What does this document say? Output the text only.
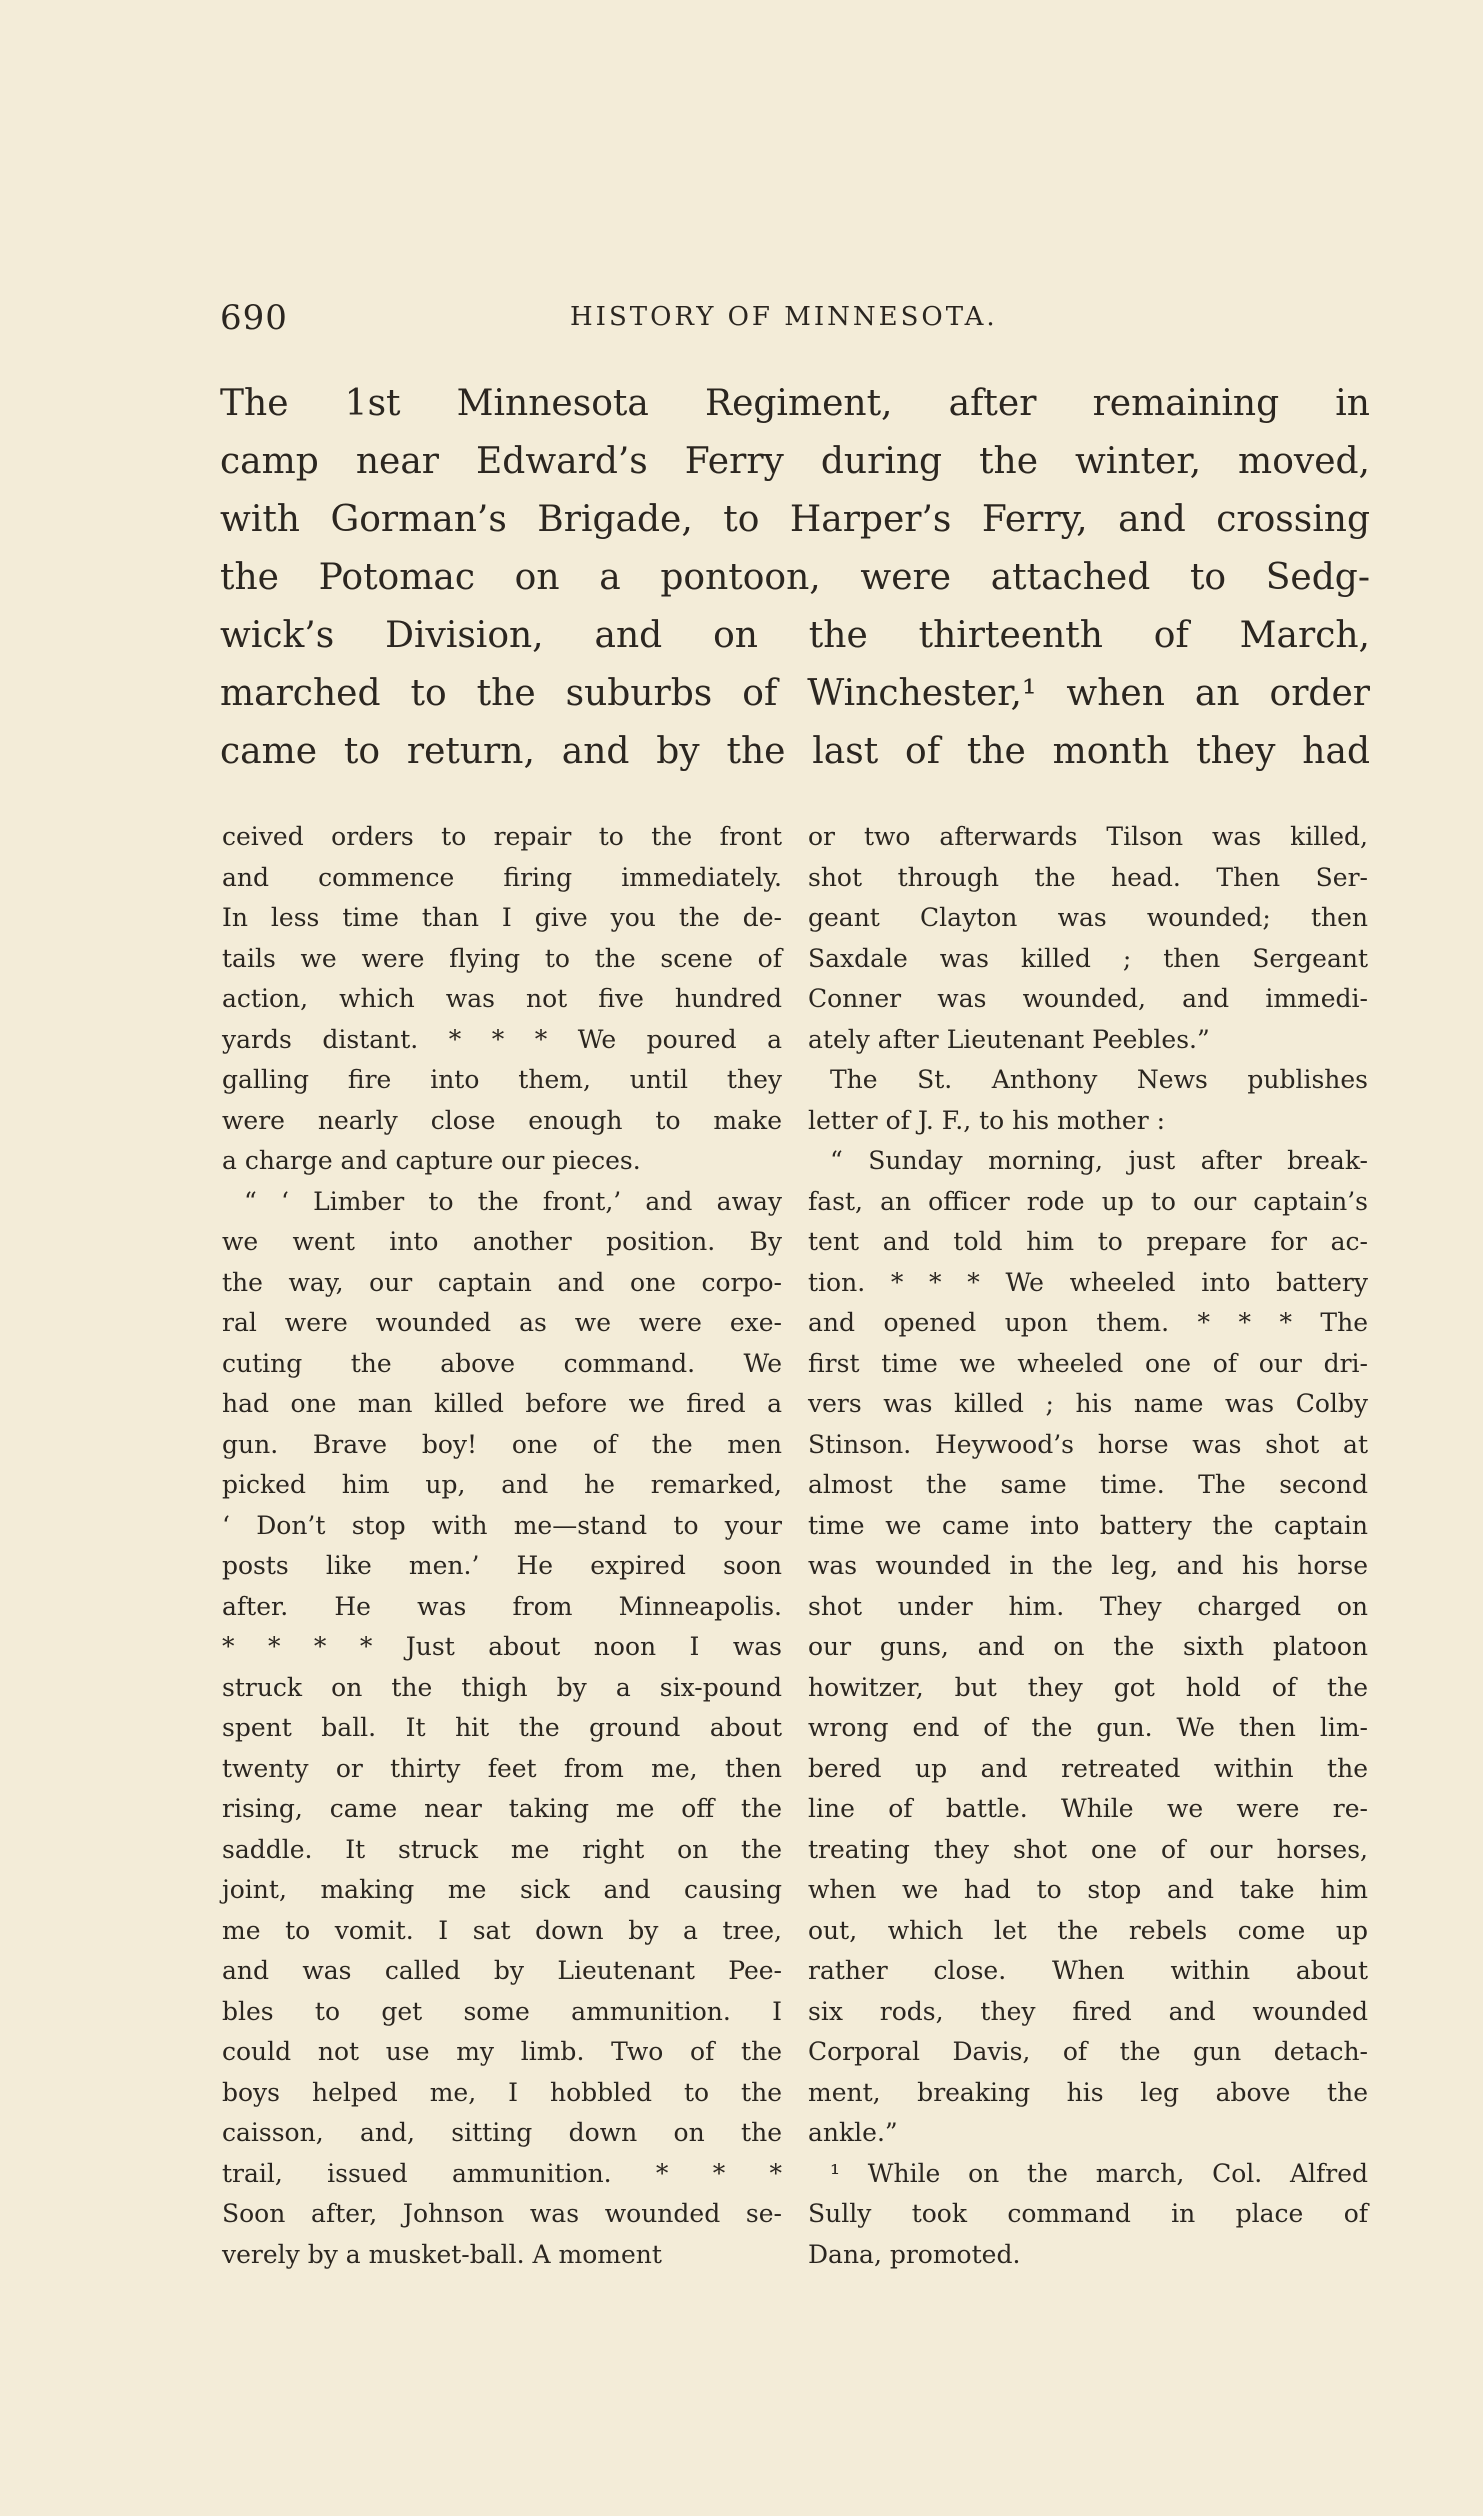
690	HISTORY OF MINNESOTA.

The 1st Minnesota Regiment, after remaining in
camp near Edward’s Ferry during the winter, moved,
with Gorman’s Brigade, to Harper’s Ferry, and crossing
the Potomac on a pontoon, were attached to Sedg-
wick’s Division, and on the thirteenth of March,
marched to the suburbs of Winchester,¹ when an order
came to return, and by the last of the month they had

ceived orders to repair to the front
and commence firing immediately.
In less time than I give you the de-
tails we were flying to the scene of
action, which was not five hundred
yards distant. * * * We poured a
galling fire into them, until they
were nearly close enough to make
a charge and capture our pieces.
“ ‘ Limber to the front,’ and away
we went into another position. By
the way, our captain and one corpo-
ral were wounded as we were exe-
cuting the above command. We
had one man killed before we fired a
gun. Brave boy! one of the men
picked him up, and he remarked,
‘ Don’t stop with me—stand to your
posts like men.’ He expired soon
after. He was from Minneapolis.
* * * * Just about noon I was
struck on the thigh by a six-pound
spent ball. It hit the ground about
twenty or thirty feet from me, then
rising, came near taking me off the
saddle. It struck me right on the
joint, making me sick and causing
me to vomit. I sat down by a tree,
and was called by Lieutenant Pee-
bles to get some ammunition. I
could not use my limb. Two of the
boys helped me, I hobbled to the
caisson, and, sitting down on the
trail, issued ammunition. * * *
Soon after, Johnson was wounded se-
verely by a musket-ball. A moment
or two afterwards Tilson was killed,
shot through the head. Then Ser-
geant Clayton was wounded; then
Saxdale was killed ; then Sergeant
Conner was wounded, and immedi-
ately after Lieutenant Peebles.”
The St. Anthony News publishes
letter of J. F., to his mother :
“ Sunday morning, just after break-
fast, an officer rode up to our captain’s
tent and told him to prepare for ac-
tion. * * * We wheeled into battery
and opened upon them. * * * The
first time we wheeled one of our dri-
vers was killed ; his name was Colby
Stinson. Heywood’s horse was shot at
almost the same time. The second
time we came into battery the captain
was wounded in the leg, and his horse
shot under him. They charged on
our guns, and on the sixth platoon
howitzer, but they got hold of the
wrong end of the gun. We then lim-
bered up and retreated within the
line of battle. While we were re-
treating they shot one of our horses,
when we had to stop and take him
out, which let the rebels come up
rather close. When within about
six rods, they fired and wounded
Corporal Davis, of the gun detach-
ment, breaking his leg above the
ankle.”
¹ While on the march, Col. Alfred
Sully took command in place of
Dana, promoted.
